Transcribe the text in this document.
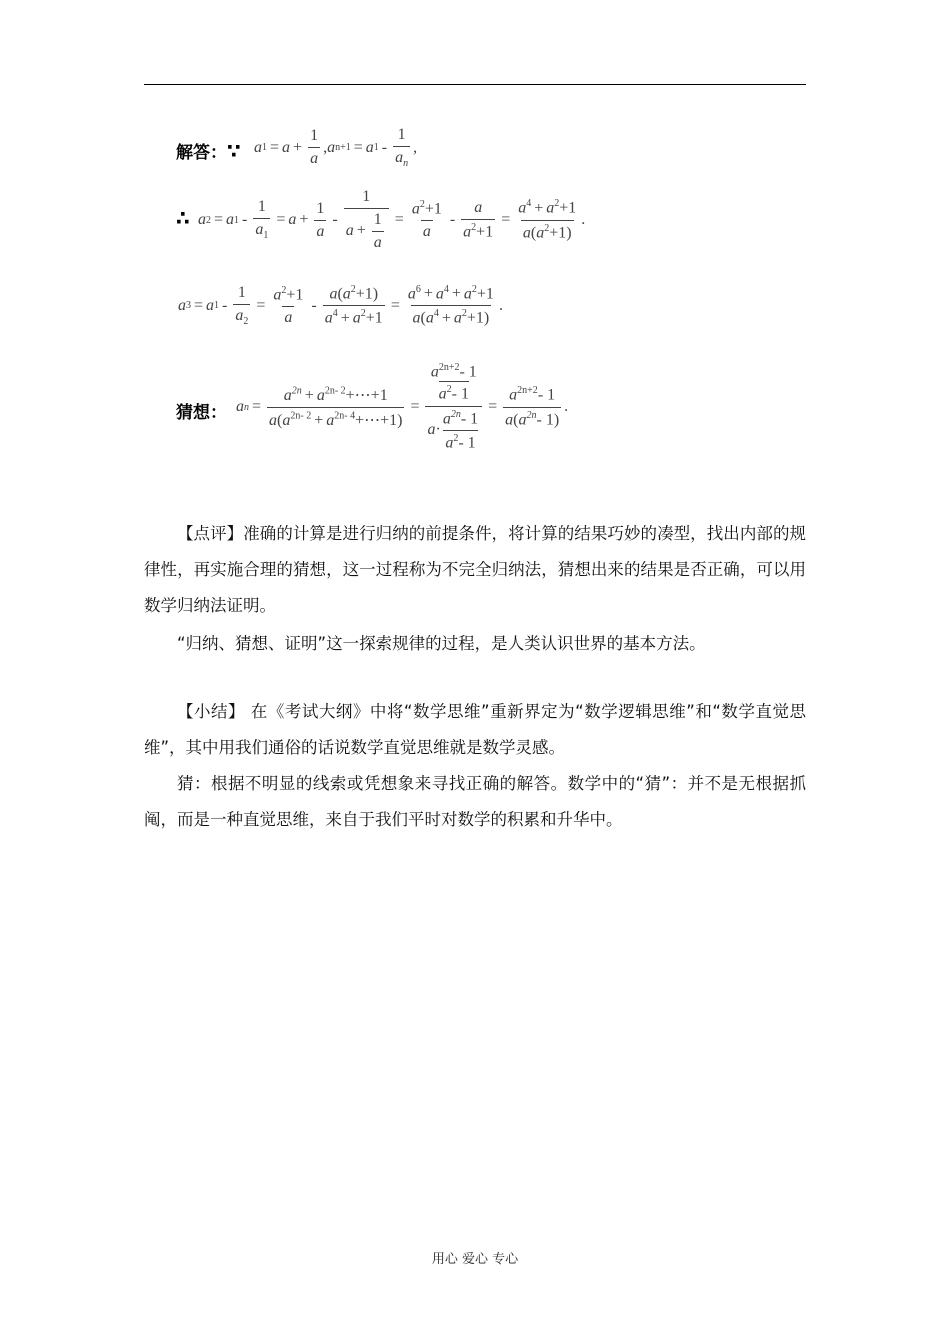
解答：∵ a $1 = a + \frac{1}{a}$ , a n+1 = a $1 - \frac{1}{a_n}$ ,
∴ a 2 = a $1 - \frac{1}{a_1} = a + \frac{1}{a} - \frac{1}{a + \frac{1}{a}} = \frac{a^2+1}{a} - \frac{a}{a^2+1} = \frac{a^4 + a^2+1}{a(a^2+1)}$ .
a 3 = a $1 - \frac{1}{a_2} = \frac{a^2+1}{a} - \frac{a(a^2+1)}{a^4 + a^2+1} = \frac{a^6 + a^4 + a^2+1}{a(a^4 + a^2+1)}$ .
猜想： a $n = \frac{a^{2n} + a^{2n- 2}+\cdots+1}{a(a^{2n- 2} + a^{2n- 4}+\cdots+1)} = a^{2n+2}-$ 1
$a^2-$ 1
$a \cdot \frac{a^{2n}- 1}{a^2- 1} = \frac{a^{2n+2}- 1}{a(a^{2n}- 1)}$ .
【点评】准确的计算是进行归纳的前提条件，将计算的结果巧妙的凑型，找出内部的规律性，再实施合理的猜想，这一过程称为不完全归纳法，猜想出来的结果是否正确，可以用数学归纳法证明。
“归纳、猜想、证明”这一探索规律的过程，是人类认识世界的基本方法。
【小结】 在《考试大纲》中将“数学思维”重新界定为“数学逻辑思维”和“数学直觉思维”，其中用我们通俗的话说数学直觉思维就是数学灵感。
猜：根据不明显的线索或凭想象来寻找正确的解答。数学中的“猜”：并不是无根据抓阄，而是一种直觉思维，来自于我们平时对数学的积累和升华中。
用心 爱心 专心
